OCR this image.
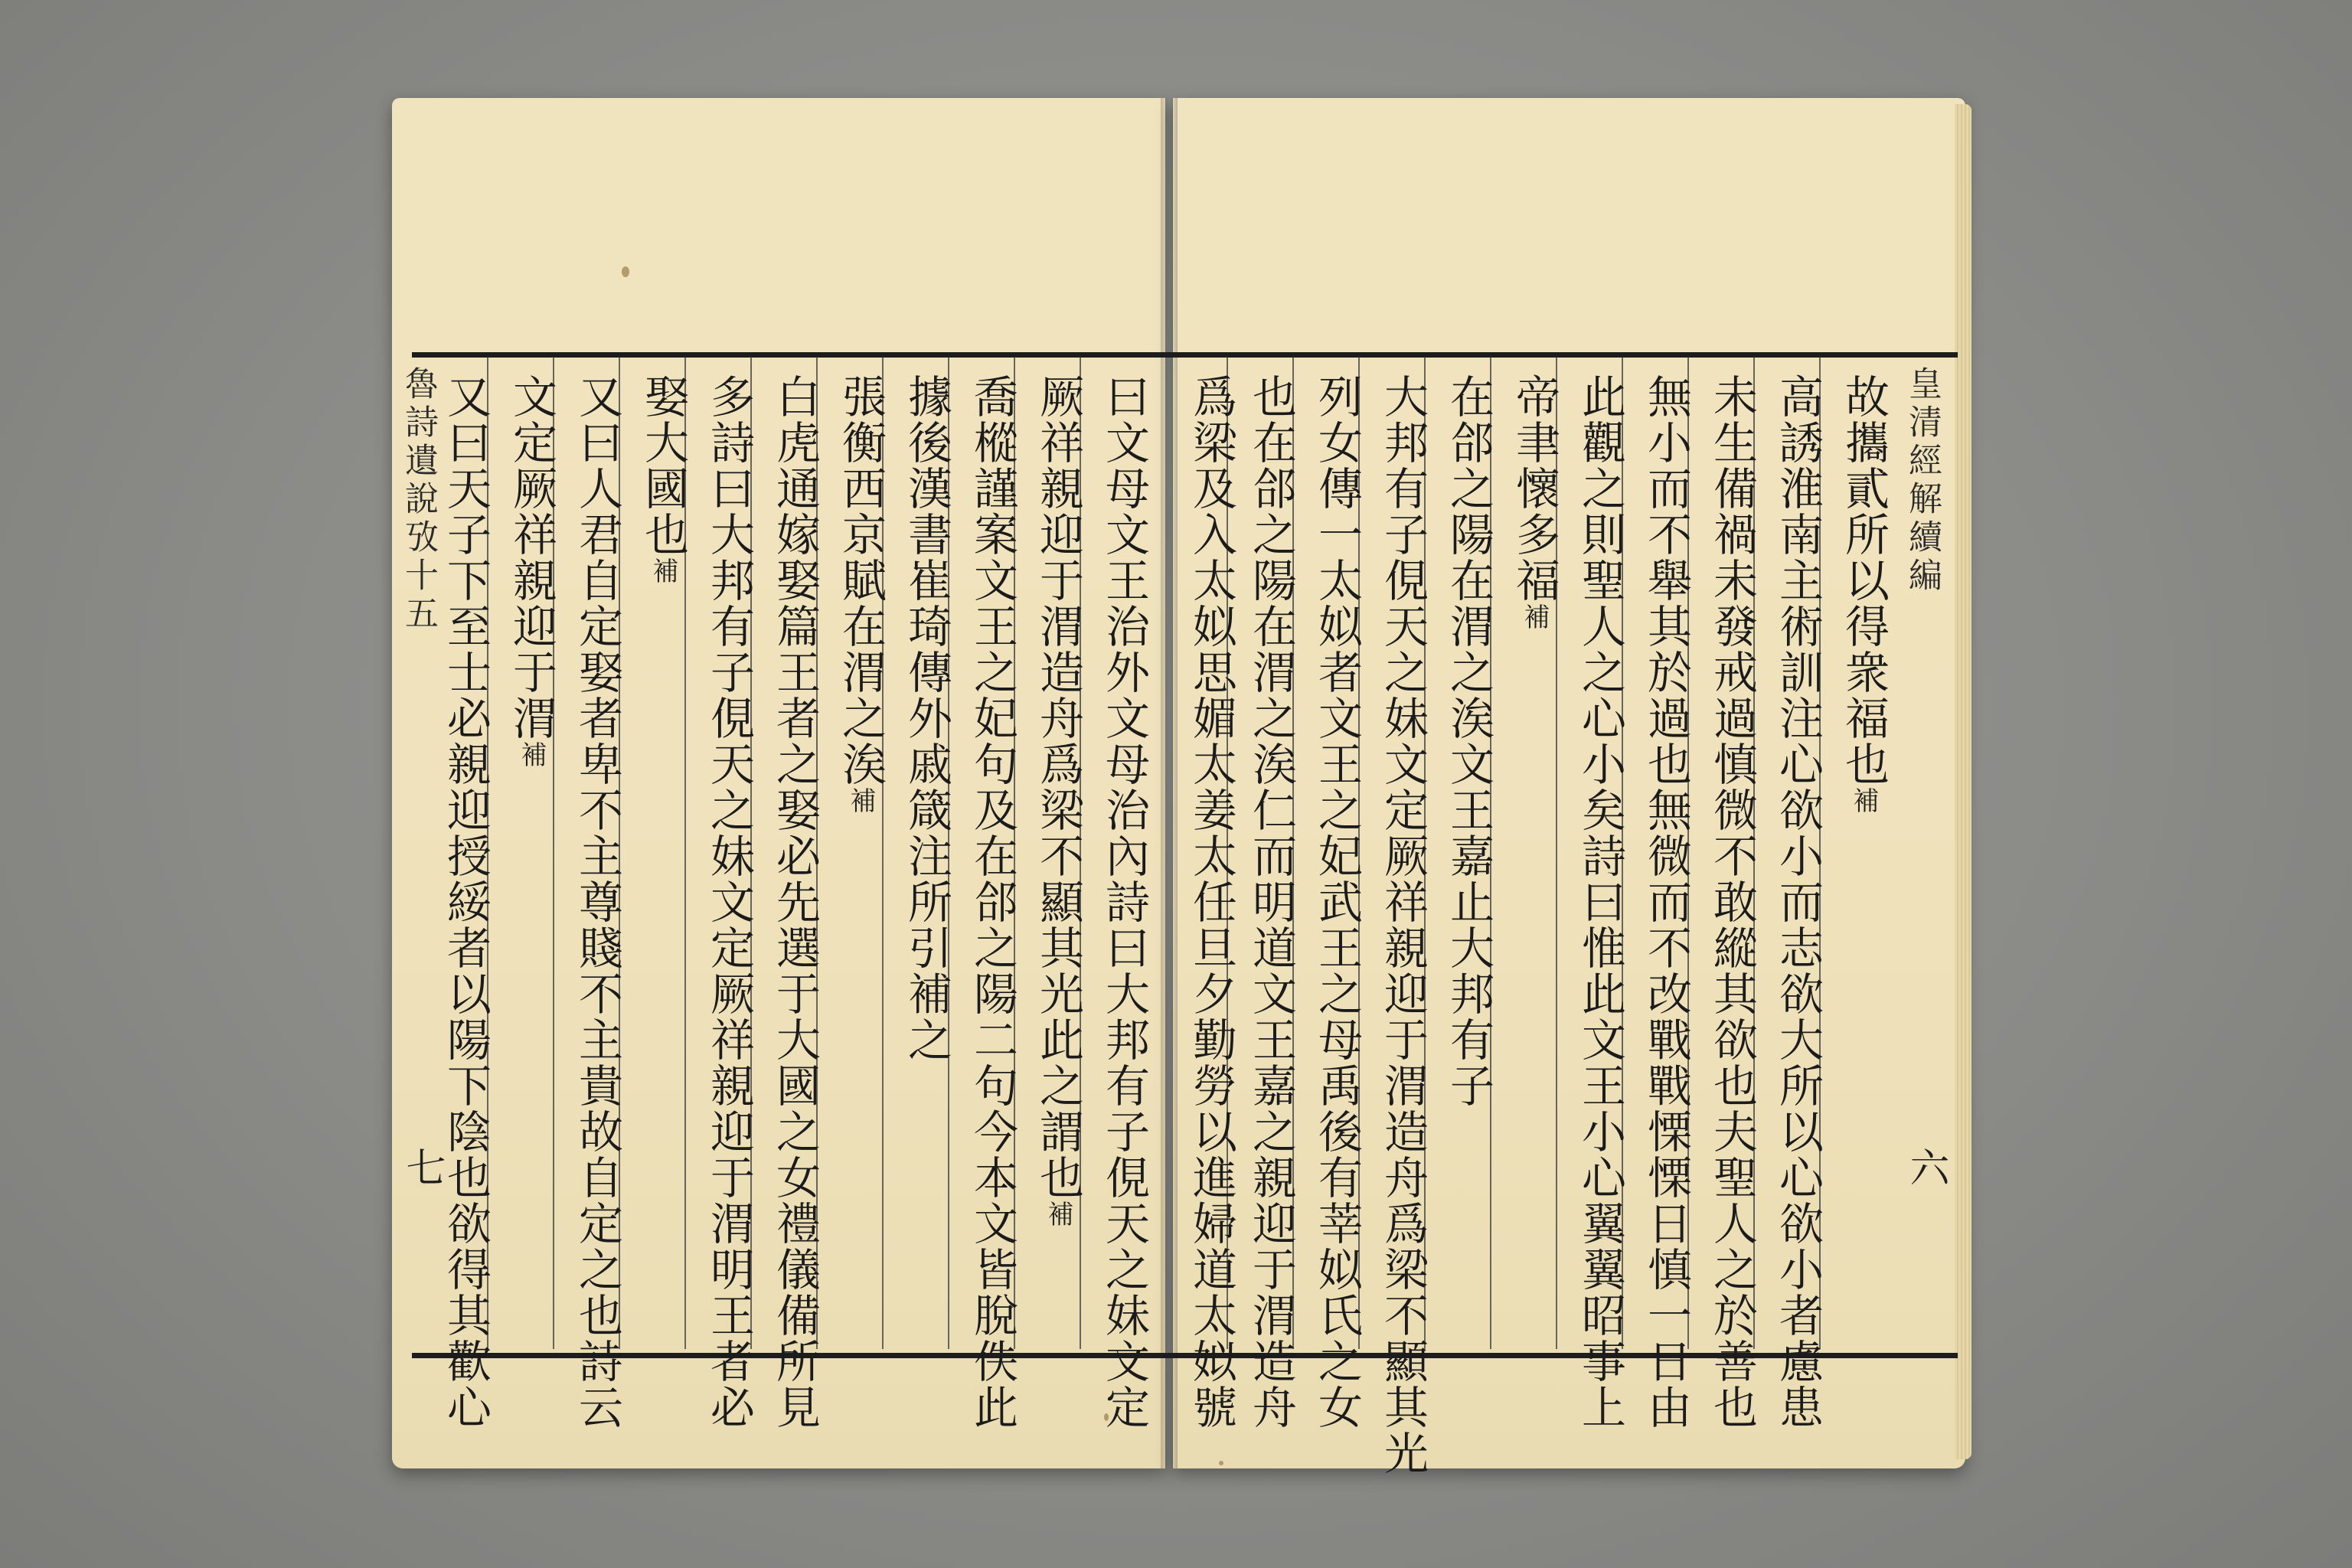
曰文母文王治外文母治內詩曰大邦有子俔天之妹文定
厥祥親迎于渭造舟爲梁不顯其光此之謂也補
喬樅謹案文王之妃句及在郃之陽二句今本文皆脫佚此
據後漢書崔琦傳外戚箴注所引補之
張衡西京賦在渭之涘補
白虎通嫁娶篇王者之娶必先選于大國之女禮儀備所見
多詩曰大邦有子俔天之妹文定厥祥親迎于渭明王者必
娶大國也補
又曰人君自定娶者卑不主尊賤不主貴故自定之也詩云
文定厥祥親迎于渭補
又曰天子下至士必親迎授綏者以陽下陰也欲得其歡心
魯詩遺說攷十五
七
皇清經解續編
六
故攜貳所以得衆福也補
高誘淮南主術訓注心欲小而志欲大所以心欲小者慮患
未生備禍未發戒過慎微不敢縱其欲也夫聖人之於善也
無小而不舉其於過也無微而不改戰戰慄慄日慎一日由
此觀之則聖人之心小矣詩曰惟此文王小心翼翼昭事上
帝聿懷多福補
在郃之陽在渭之涘文王嘉止大邦有子
大邦有子俔天之妹文定厥祥親迎于渭造舟爲梁不顯其光
列女傳一太姒者文王之妃武王之母禹後有莘姒氏之女
也在郃之陽在渭之涘仁而明道文王嘉之親迎于渭造舟
爲梁及入太姒思媚太姜太任旦夕勤勞以進婦道太姒號
